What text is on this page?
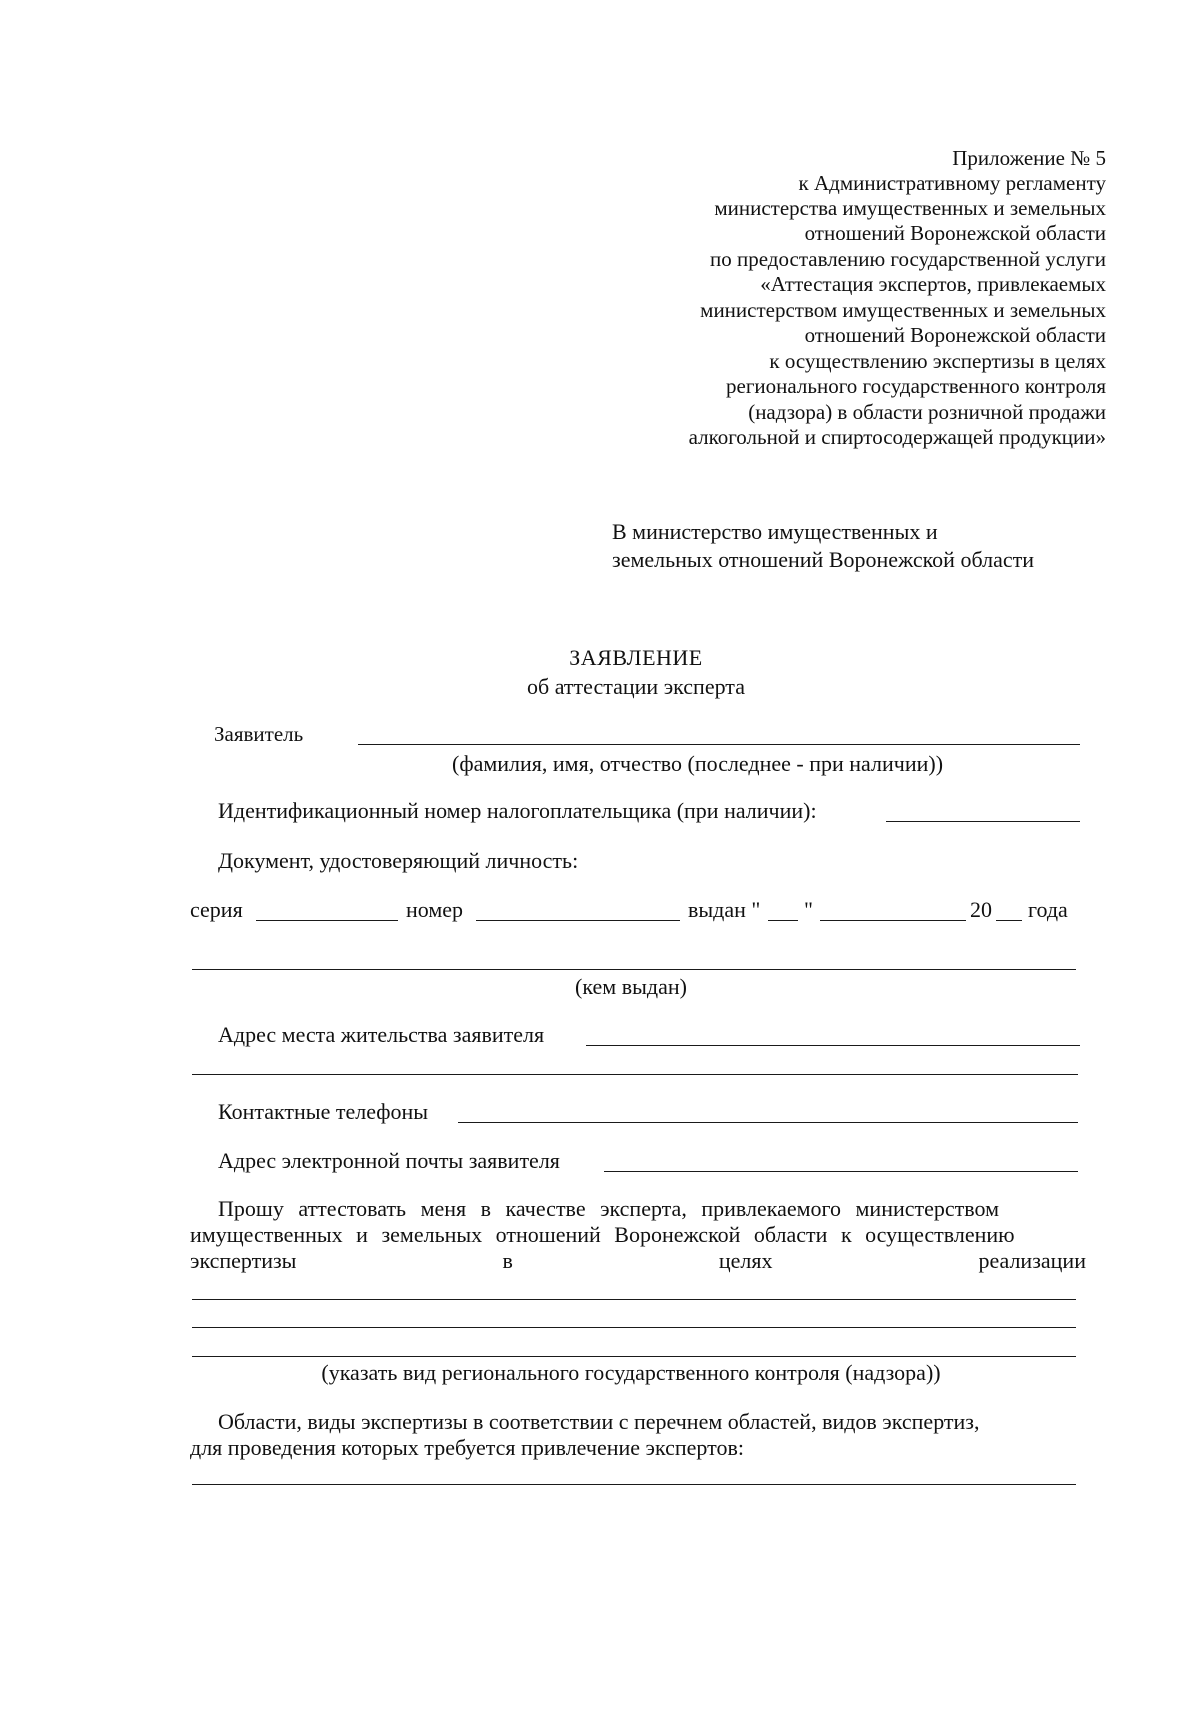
Приложение № 5
к Административному регламенту
министерства имущественных и земельных
отношений Воронежской области
по предоставлению государственной услуги
«Аттестация экспертов, привлекаемых
министерством имущественных и земельных
отношений Воронежской области
к осуществлению экспертизы в целях
регионального государственного контроля
(надзора) в области розничной продажи
алкогольной и спиртосодержащей продукции»
В министерство имущественных и
земельных отношений Воронежской области
ЗАЯВЛЕНИЕ
об аттестации эксперта
Заявитель
(фамилия, имя, отчество (последнее - при наличии))
Идентификационный номер налогоплательщика (при наличии):
Документ, удостоверяющий личность:
серия	номер	выдан " "	20 года
(кем выдан)
Адрес места жительства заявителя
Контактные телефоны
Адрес электронной почты заявителя
Прошу аттестовать меня в качестве эксперта, привлекаемого министерством
имущественных и земельных отношений Воронежской области к осуществлению
экспертизы	в	целях	реализации
(указать вид регионального государственного контроля (надзора))
Области, виды экспертизы в соответствии с перечнем областей, видов экспертиз,
для проведения которых требуется привлечение экспертов:
